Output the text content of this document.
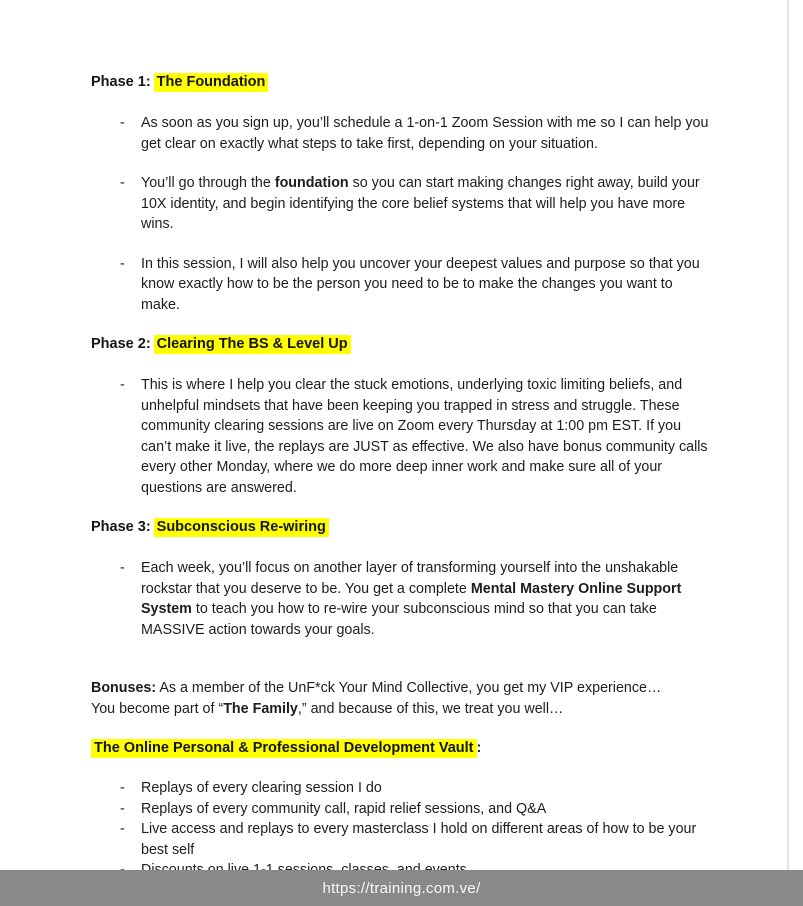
Phase 1: The Foundation
- As soon as you sign up, you’ll schedule a 1-on-1 Zoom Session with me so I can help you get clear on exactly what steps to take first, depending on your situation.
- You’ll go through the foundation so you can start making changes right away, build your 10X identity, and begin identifying the core belief systems that will help you have more wins.
- In this session, I will also help you uncover your deepest values and purpose so that you know exactly how to be the person you need to be to make the changes you want to make.
Phase 2: Clearing The BS & Level Up
- This is where I help you clear the stuck emotions, underlying toxic limiting beliefs, and unhelpful mindsets that have been keeping you trapped in stress and struggle. These community clearing sessions are live on Zoom every Thursday at 1:00 pm EST. If you can’t make it live, the replays are JUST as effective. We also have bonus community calls every other Monday, where we do more deep inner work and make sure all of your questions are answered.
Phase 3: Subconscious Re-wiring
- Each week, you’ll focus on another layer of transforming yourself into the unshakable rockstar that you deserve to be. You get a complete Mental Mastery Online Support System to teach you how to re-wire your subconscious mind so that you can take MASSIVE action towards your goals.

Bonuses: As a member of the UnF*ck Your Mind Collective, you get my VIP experience…
You become part of “The Family,” and because of this, we treat you well…

The Online Personal & Professional Development Vault :
- Replays of every clearing session I do
- Replays of every community call, rapid relief sessions, and Q&A
- Live access and replays to every masterclass I hold on different areas of how to be your best self
-
https://training.com.ve/
